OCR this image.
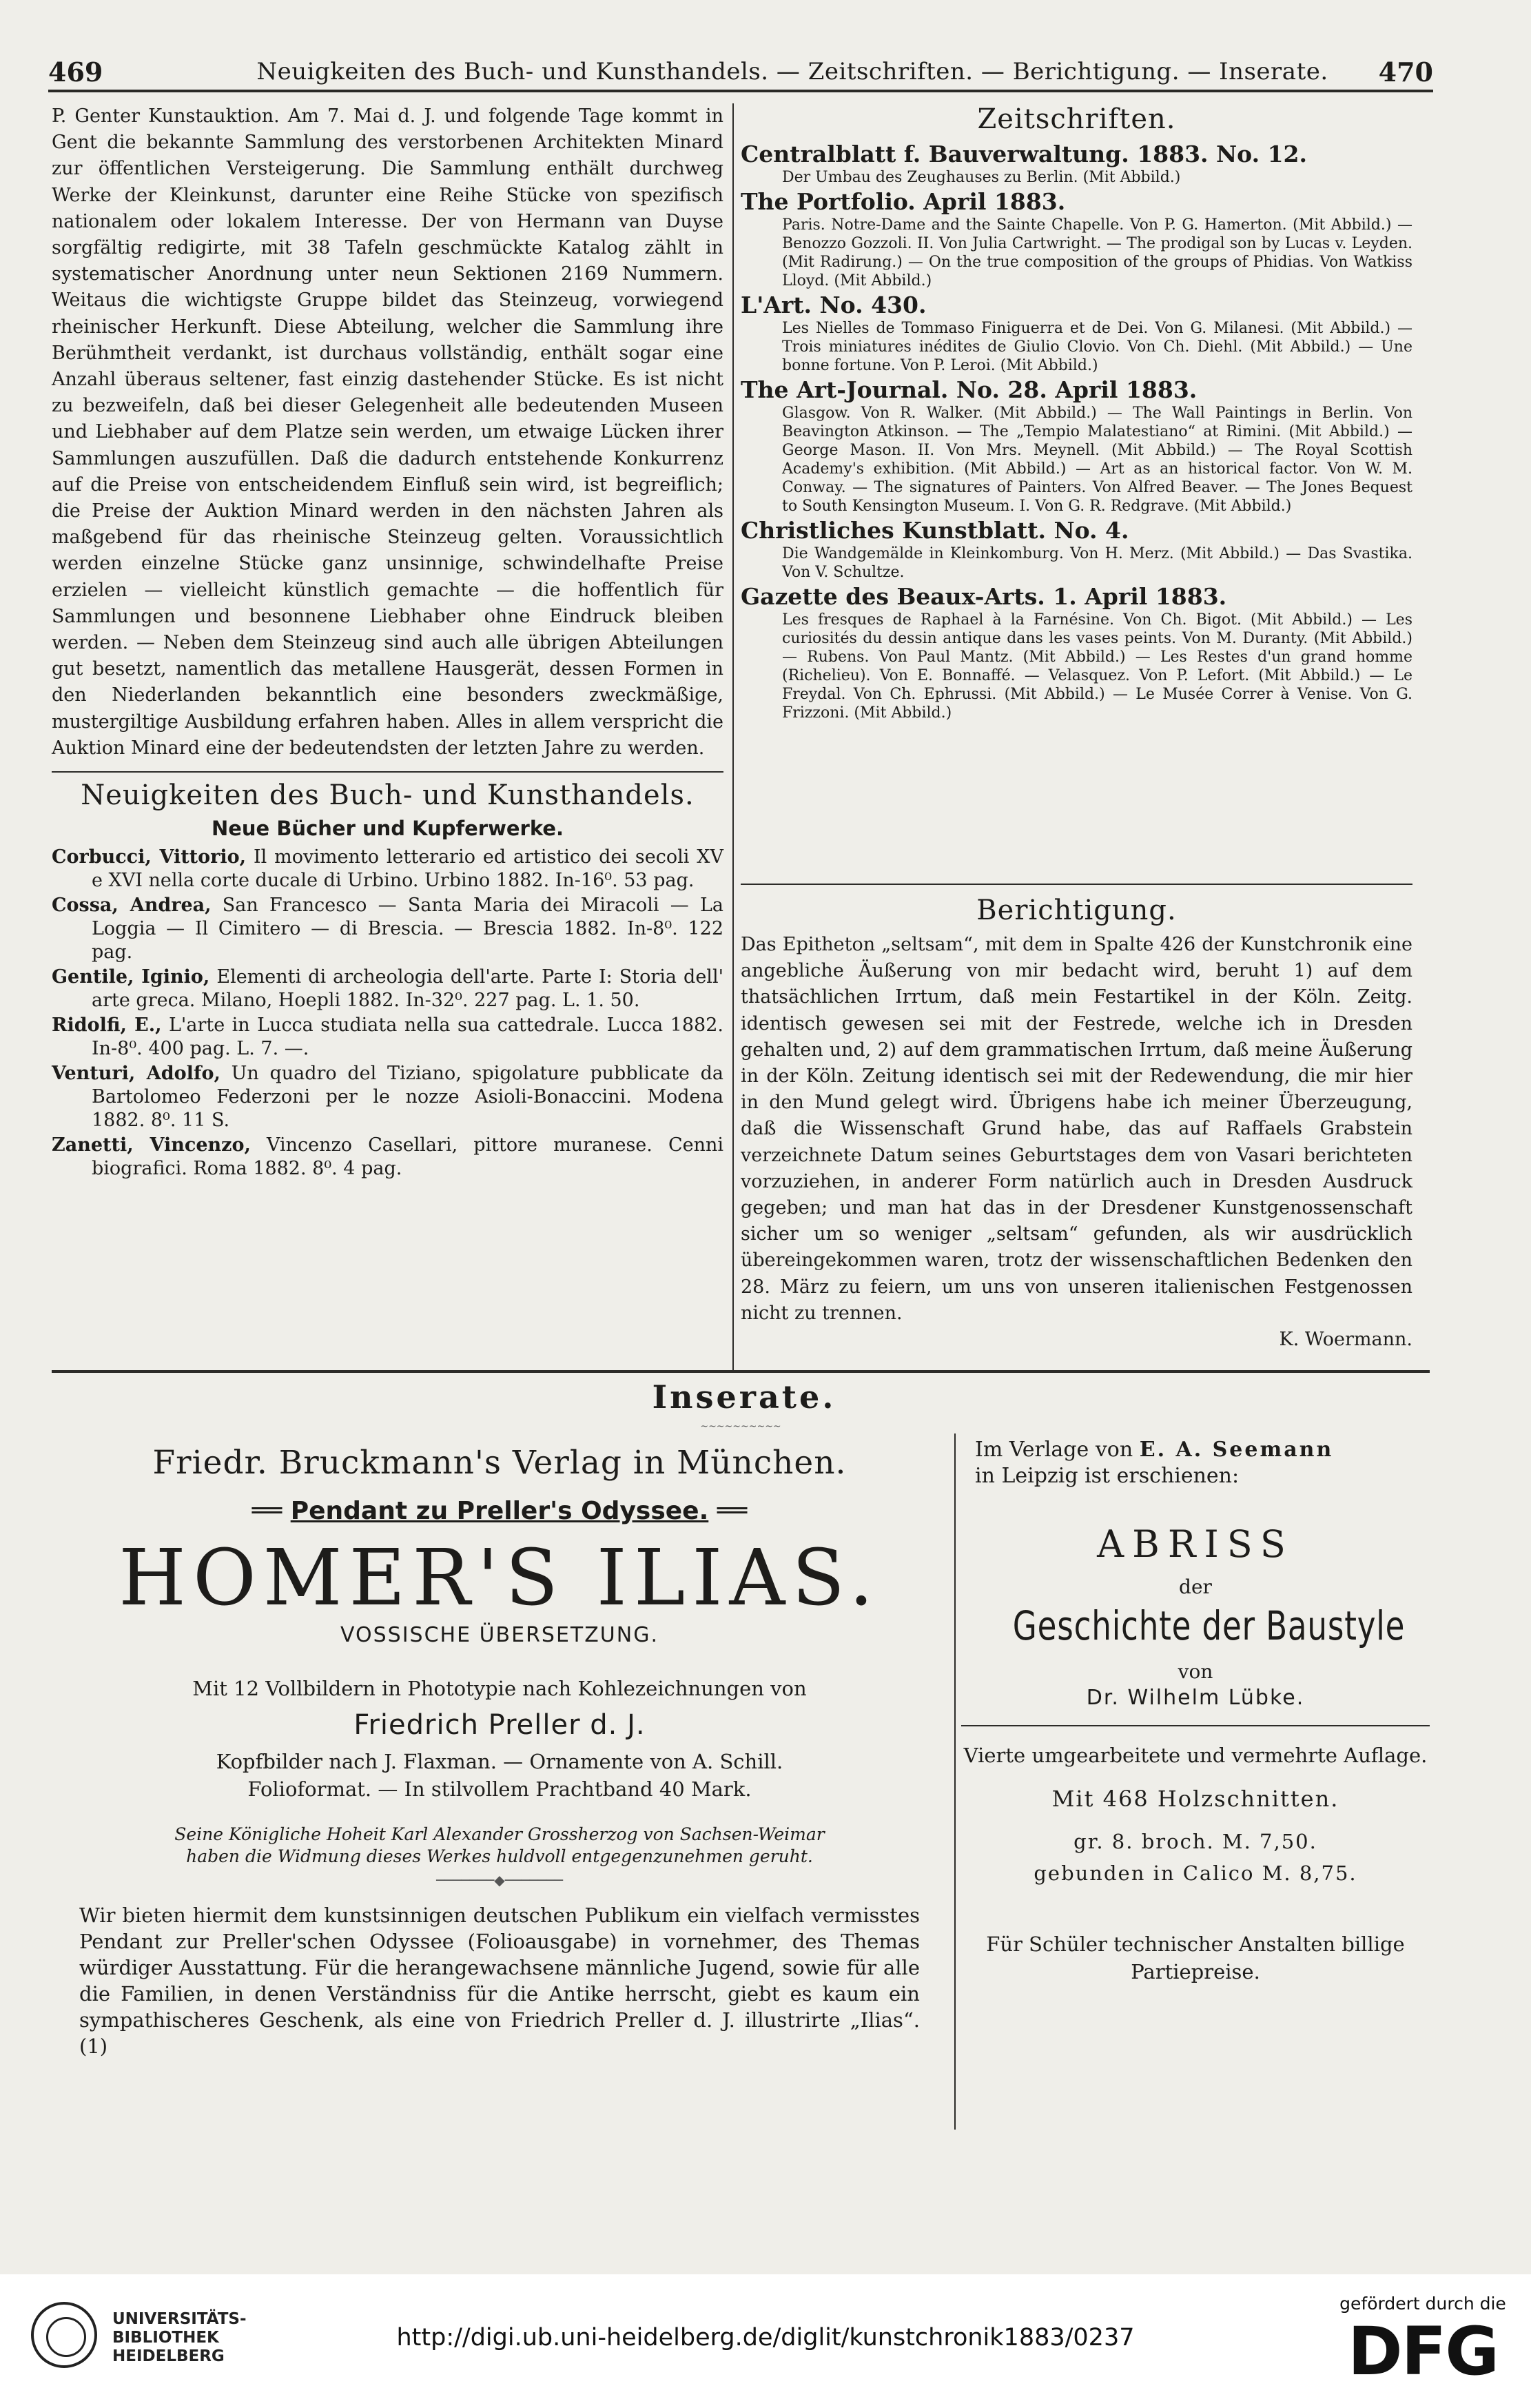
469	Neuigkeiten des Buch- und Kunsthandels. — Zeitschriften. — Berichtigung. — Inserate.	470

P. Genter Kunstauktion. Am 7. Mai d. J. und folgende Tage kommt in Gent die bekannte Sammlung des verstorbenen Architekten Minard zur öffentlichen Versteigerung. Die Sammlung enthält durchweg Werke der Kleinkunst, darunter eine Reihe Stücke von spezifisch nationalem oder lokalem Interesse. Der von Hermann van Duyse sorgfältig redigirte, mit 38 Tafeln geschmückte Katalog zählt in systematischer Anordnung unter neun Sektionen 2169 Nummern. Weitaus die wichtigste Gruppe bildet das Steinzeug, vorwiegend rheinischer Herkunft. Diese Abteilung, welcher die Sammlung ihre Berühmtheit verdankt, ist durchaus vollständig, enthält sogar eine Anzahl überaus seltener, fast einzig dastehender Stücke. Es ist nicht zu bezweifeln, daß bei dieser Gelegenheit alle bedeutenden Museen und Liebhaber auf dem Platze sein werden, um etwaige Lücken ihrer Sammlungen auszufüllen. Daß die dadurch entstehende Konkurrenz auf die Preise von entscheidendem Einfluß sein wird, ist begreiflich; die Preise der Auktion Minard werden in den nächsten Jahren als maßgebend für das rheinische Steinzeug gelten. Voraussichtlich werden einzelne Stücke ganz unsinnige, schwindelhafte Preise erzielen — vielleicht künstlich gemachte — die hoffentlich für Sammlungen und besonnene Liebhaber ohne Eindruck bleiben werden. — Neben dem Steinzeug sind auch alle übrigen Abteilungen gut besetzt, namentlich das metallene Hausgerät, dessen Formen in den Niederlanden bekanntlich eine besonders zweckmäßige, mustergiltige Ausbildung erfahren haben. Alles in allem verspricht die Auktion Minard eine der bedeutendsten der letzten Jahre zu werden.

Neuigkeiten des Buch- und Kunsthandels.
Neue Bücher und Kupferwerke.

Corbucci, Vittorio, Il movimento letterario ed artistico dei secoli XV e XVI nella corte ducale di Urbino. Urbino 1882. In-16⁰. 53 pag.

Cossa, Andrea, San Francesco — Santa Maria dei Miracoli — La Loggia — Il Cimitero — di Brescia. — Brescia 1882. In-8⁰. 122 pag.

Gentile, Iginio, Elementi di archeologia dell'arte. Parte I: Storia dell' arte greca. Milano, Hoepli 1882. In-32⁰. 227 pag. L. 1. 50.

Ridolfi, E., L'arte in Lucca studiata nella sua cattedrale. Lucca 1882. In-8⁰. 400 pag. L. 7. —.

Venturi, Adolfo, Un quadro del Tiziano, spigolature pubblicate da Bartolomeo Federzoni per le nozze Asioli-Bonaccini. Modena 1882. 8⁰. 11 S.

Zanetti, Vincenzo, Vincenzo Casellari, pittore muranese. Cenni biografici. Roma 1882. 8⁰. 4 pag.

Zeitschriften.
Centralblatt f. Bauverwaltung. 1883. No. 12.
Der Umbau des Zeughauses zu Berlin. (Mit Abbild.)
The Portfolio. April 1883.
Paris. Notre-Dame and the Sainte Chapelle. Von P. G. Hamerton. (Mit Abbild.) — Benozzo Gozzoli. II. Von Julia Cartwright. — The prodigal son by Lucas v. Leyden. (Mit Radirung.) — On the true composition of the groups of Phidias. Von Watkiss Lloyd. (Mit Abbild.)
L'Art. No. 430.
Les Nielles de Tommaso Finiguerra et de Dei. Von G. Milanesi. (Mit Abbild.) — Trois miniatures inédites de Giulio Clovio. Von Ch. Diehl. (Mit Abbild.) — Une bonne fortune. Von P. Leroi. (Mit Abbild.)
The Art-Journal. No. 28. April 1883.
Glasgow. Von R. Walker. (Mit Abbild.) — The Wall Paintings in Berlin. Von Beavington Atkinson. — The „Tempio Malatestiano“ at Rimini. (Mit Abbild.) — George Mason. II. Von Mrs. Meynell. (Mit Abbild.) — The Royal Scottish Academy's exhibition. (Mit Abbild.) — Art as an historical factor. Von W. M. Conway. — The signatures of Painters. Von Alfred Beaver. — The Jones Bequest to South Kensington Museum. I. Von G. R. Redgrave. (Mit Abbild.)
Christliches Kunstblatt. No. 4.
Die Wandgemälde in Kleinkomburg. Von H. Merz. (Mit Abbild.) — Das Svastika. Von V. Schultze.
Gazette des Beaux-Arts. 1. April 1883.
Les fresques de Raphael à la Farnésine. Von Ch. Bigot. (Mit Abbild.) — Les curiosités du dessin antique dans les vases peints. Von M. Duranty. (Mit Abbild.) — Rubens. Von Paul Mantz. (Mit Abbild.) — Les Restes d'un grand homme (Richelieu). Von E. Bonnaffé. — Velasquez. Von P. Lefort. (Mit Abbild.) — Le Freydal. Von Ch. Ephrussi. (Mit Abbild.) — Le Musée Correr à Venise. Von G. Frizzoni. (Mit Abbild.)
Berichtigung.

Das Epitheton „seltsam“, mit dem in Spalte 426 der Kunstchronik eine angebliche Äußerung von mir bedacht wird, beruht 1) auf dem thatsächlichen Irrtum, daß mein Festartikel in der Köln. Zeitg. identisch gewesen sei mit der Festrede, welche ich in Dresden gehalten und, 2) auf dem grammatischen Irrtum, daß meine Äußerung in der Köln. Zeitung identisch sei mit der Redewendung, die mir hier in den Mund gelegt wird. Übrigens habe ich meiner Überzeugung, daß die Wissenschaft Grund habe, das auf Raffaels Grabstein verzeichnete Datum seines Geburtstages dem von Vasari berichteten vorzuziehen, in anderer Form natürlich auch in Dresden Ausdruck gegeben; und man hat das in der Dresdener Kunstgenossenschaft sicher um so weniger „seltsam“ gefunden, als wir ausdrücklich übereingekommen waren, trotz der wissenschaftlichen Bedenken den 28. März zu feiern, um uns von unseren italienischen Festgenossen nicht zu trennen.

K. Woermann.

Inserate.
~~~~~~~~~~
Friedr. Bruckmann's Verlag in München.
══ Pendant zu Preller's Odyssee. ══
HOMER'S ILIAS.
VOSSISCHE ÜBERSETZUNG.
Mit 12 Vollbildern in Phototypie nach Kohlezeichnungen von
Friedrich Preller d. J.
Kopfbilder nach J. Flaxman. — Ornamente von A. Schill.
Folioformat. — In stilvollem Prachtband 40 Mark.
Seine Königliche Hoheit Karl Alexander Grossherzog von Sachsen-Weimar haben die Widmung dieses Werkes huldvoll entgegenzunehmen geruht.
───────◆───────

Wir bieten hiermit dem kunstsinnigen deutschen Publikum ein vielfach vermisstes Pendant zur Preller'schen Odyssee (Folioausgabe) in vornehmer, des Themas würdiger Ausstattung. Für die herangewachsene männliche Jugend, sowie für alle die Familien, in denen Verständniss für die Antike herrscht, giebt es kaum ein sympathischeres Geschenk, als eine von Friedrich Preller d. J. illustrirte „Ilias“. (1)

Im Verlage von E. A. Seemann
in Leipzig ist erschienen:
ABRISS
der
Geschichte der Baustyle
von
Dr. Wilhelm Lübke.
Vierte umgearbeitete und vermehrte Auflage.
Mit 468 Holzschnitten.
gr. 8. broch. M. 7,50.
gebunden in Calico M. 8,75.
Für Schüler technischer Anstalten billige Partiepreise.
UNIVERSITÄTS-
BIBLIOTHEK
HEIDELBERG
http://digi.ub.uni-heidelberg.de/diglit/kunstchronik1883/0237
gefördert durch die
DFG
